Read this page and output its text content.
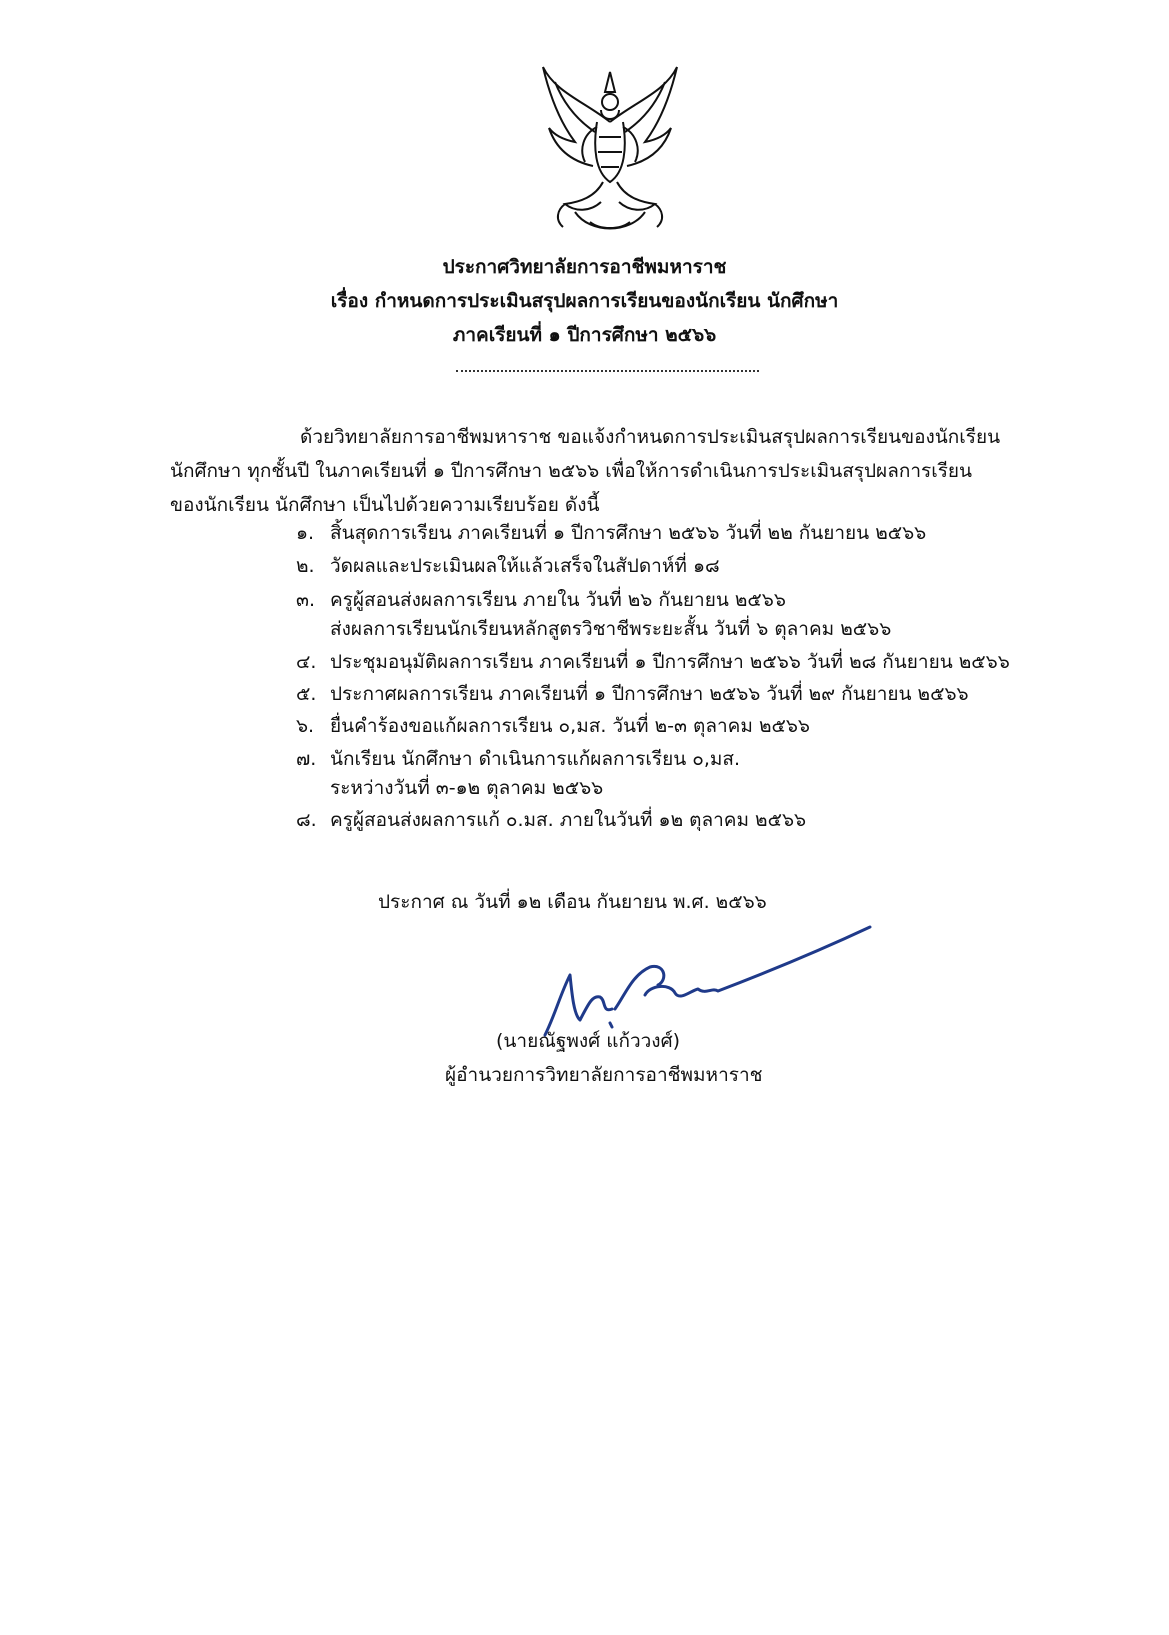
ประกาศวิทยาลัยการอาชีพมหาราช
เรื่อง กำหนดการประเมินสรุปผลการเรียนของนักเรียน นักศึกษา
ภาคเรียนที่ ๑ ปีการศึกษา ๒๕๖๖
ด้วยวิทยาลัยการอาชีพมหาราช ขอแจ้งกำหนดการประเมินสรุปผลการเรียนของนักเรียน
นักศึกษา ทุกชั้นปี ในภาคเรียนที่ ๑ ปีการศึกษา ๒๕๖๖ เพื่อให้การดำเนินการประเมินสรุปผลการเรียน
ของนักเรียน นักศึกษา เป็นไปด้วยความเรียบร้อย ดังนี้
๑. สิ้นสุดการเรียน ภาคเรียนที่ ๑ ปีการศึกษา ๒๕๖๖ วันที่ ๒๒ กันยายน ๒๕๖๖
๒. วัดผลและประเมินผลให้แล้วเสร็จในสัปดาห์ที่ ๑๘
๓. ครูผู้สอนส่งผลการเรียน ภายใน วันที่ ๒๖ กันยายน ๒๕๖๖
ส่งผลการเรียนนักเรียนหลักสูตรวิชาชีพระยะสั้น วันที่ ๖ ตุลาคม ๒๕๖๖
๔. ประชุมอนุมัติผลการเรียน ภาคเรียนที่ ๑ ปีการศึกษา ๒๕๖๖ วันที่ ๒๘ กันยายน ๒๕๖๖
๕. ประกาศผลการเรียน ภาคเรียนที่ ๑ ปีการศึกษา ๒๕๖๖ วันที่ ๒๙ กันยายน ๒๕๖๖
๖. ยื่นคำร้องขอแก้ผลการเรียน ๐,มส. วันที่ ๒-๓ ตุลาคม ๒๕๖๖
๗. นักเรียน นักศึกษา ดำเนินการแก้ผลการเรียน ๐,มส.
ระหว่างวันที่ ๓-๑๒ ตุลาคม ๒๕๖๖
๘. ครูผู้สอนส่งผลการแก้ ๐.มส. ภายในวันที่ ๑๒ ตุลาคม ๒๕๖๖
ประกาศ ณ วันที่ ๑๒ เดือน กันยายน พ.ศ. ๒๕๖๖
(นายณัฐพงศ์ แก้ววงศ์)
ผู้อำนวยการวิทยาลัยการอาชีพมหาราช
